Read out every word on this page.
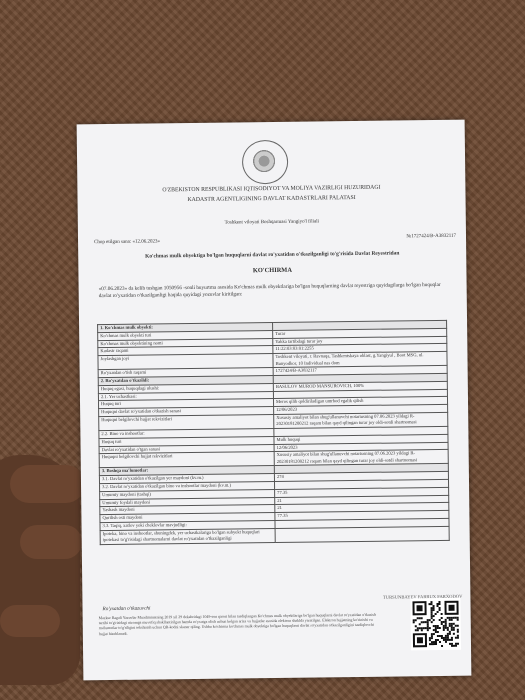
O'ZBEKISTON RESPUBLIKASI IQTISODIYOT VA MOLIYA VAZIRLIGI HUZURIDAGI
KADASTR AGENTLIGINING DAVLAT KADASTRLARI PALATASI
Toshkent viloyati Boshqarmasi Yangiyo'l filiali
Chop etilgan sana: «12.06.2023»
№1727424/B-A3832117
Ko'chmas mulk obyektiga bo'lgan huquqlarni davlat ro'yxatidan o'tkazilganligi to'g'risida Davlat Reyestridan
KO'CHIRMA
«07.06.2023» da kelib tushgan 1050956 -sonli buyurtma asosida Ko'chmas mulk obyektlariga bo'lgan huquqlarning davlat reyestriga quyidagilarga bo'lgan huquqlar davlat ro'yxatidan o'tkazilganligi haqida quyidagi yozuvlar kiritilgan:
1. Ko'chmas mulk obyekti:	
Ko'chmas mulk obyekti turi	Turar
Ko'chmas mulk obyektining nomi	Yakka tartibdagi turar joy
Kadastr raqami	11:22:03:03:01:2255
Joylashgan joyi	Toshkent viloyati, r. Ravnaqa, Tashkentskaya oblast, g.Yangiyul , Boot MSG, ul. Bunyodkor, 10 Individual nas dom
Ro'yxatdan o'tish raqami	1727424/B-A3832117
2. Ro'yxatdan o'tkazildi:	
Huquq egasi, huquqdagi ulushi:	BASULOV MUROD MANSUROVICH, 100%
2.1. Yer uchastkasi:	
Huquq turi	Meros qilib qoldiriladigan umrbod egalik qilish
Huquqni davlat ro'yxatidan o'tkazish sanasi	12/06/2023
Huquqni belgilovchi hujjat rekvizitlari	Xususiy amaliyot bilan shug'ullanuvchi notariusning 07.06.2023 yildagi R-20230181200212 raqam bilan qayd qilingan turar joy oldi-sotdi shartnomasi
2.2. Bino va inshootlar:	
Huquq turi	Mulk huquqi
Davlat ro'yxatidan o'tgan sanasi	12/06/2023
Huquqni belgilovchi hujjat rekvizitlari	Xususiy amaliyot bilan shug'ullanuvchi notariusning 07.06.2023 yildagi R-20230181200212 raqam bilan qayd qilingan turar joy oldi-sotdi shartnomasi
3. Boshqa ma'lumotlar:	
3.1. Davlat ro'yxatidan o'tkazilgan yer maydoni (kv.m.)	274
3.2. Davlat ro'yxatidan o'tkazilgan bino va inshootlar maydoni (kv.m.)	
Umumiy maydoni (tashqi)	77.35
Umumiy foydali maydoni	21
Yashash maydoni	21
Qurilish osti maydoni	77.35
3.3. Taqiq, xatlov yoki cheklovlar mavjudligi:	
Ipoteka, bino va inshootlar, shuningdek, yer uchastkalariga bo'lgan subyekt huquqlari ipotekasi to'g'risidagi shartnomalarni davlat ro'yxatidan o'tkazilganligi	
Ro'yxatdan o'tkazuvchi
TURSUNBAYEV FARRUX FARXODOV
Mazkur Bagali Yazuvlar Muadiminatning 2019 yil 29 dekabridagi 1049-son qarori bilan tasdiqlangan Ko'chmas mulk obyektlariga bo'lgan huquqlarni davlat ro'yxatidan o'tkazish tartibi to'g'risidagi nizomga muvofiq shakllantirilgan hamda ro'yxatga olish uchun kelgan ariza va hujjatlar asosida elektron shaklda yaratilgan. Elektron hujjatning ko'rinishi va ma'lumotlar to'g'riligini tekshirish uchun QR-kodni skaner qiling. Ushbu ko'chirma ko'chmas mulk obyektiga bo'lgan huquqlarni davlat ro'yxatidan o'tkazilganligini tasdiqlovchi hujjat hisoblanadi.
